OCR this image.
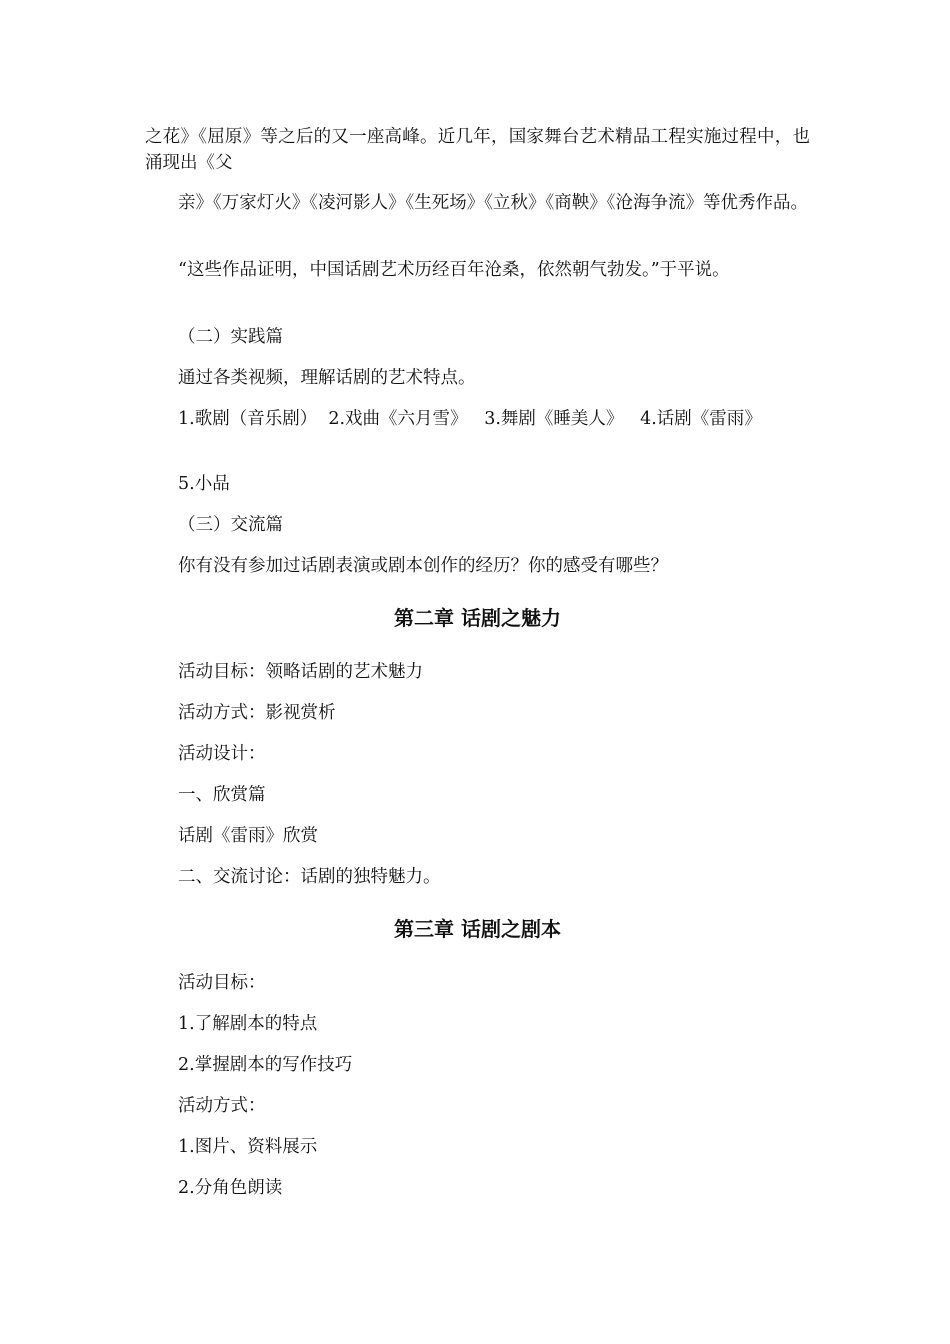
之花》《屈原》等之后的又一座高峰。近几年，国家舞台艺术精品工程实施过程中，也涌现出《父

亲》《万家灯火》《凌河影人》《生死场》《立秋》《商鞅》《沧海争流》等优秀作品。

“这些作品证明，中国话剧艺术历经百年沧桑，依然朝气勃发。”于平说。

（二）实践篇

通过各类视频，理解话剧的艺术特点。

1.歌剧（音乐剧）  2.戏曲《六月雪》   3.舞剧《睡美人》   4.话剧《雷雨》

5.小品

（三）交流篇

你有没有参加过话剧表演或剧本创作的经历？你的感受有哪些？

第二章 话剧之魅力

活动目标：领略话剧的艺术魅力

活动方式：影视赏析

活动设计：

一、欣赏篇

话剧《雷雨》欣赏

二、交流讨论：话剧的独特魅力。

第三章 话剧之剧本

活动目标：

1.了解剧本的特点

2.掌握剧本的写作技巧

活动方式：

1.图片、资料展示

2.分角色朗读
